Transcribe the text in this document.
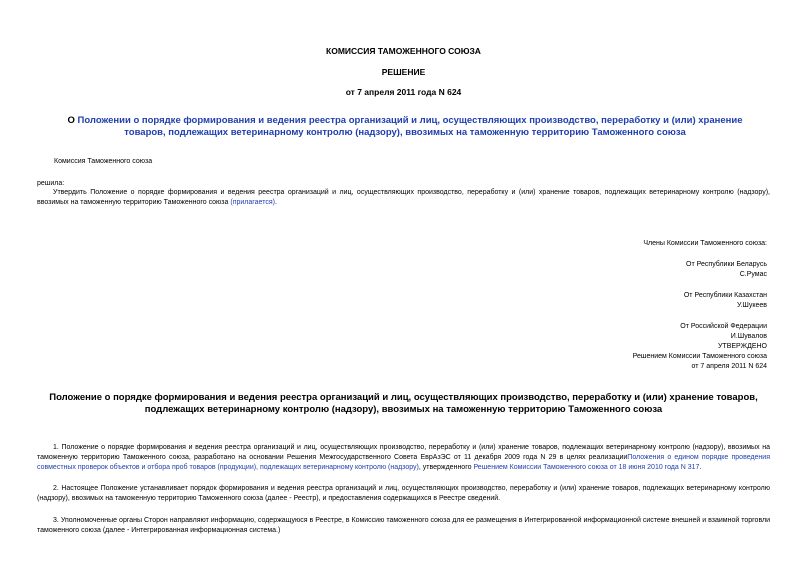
КОМИССИЯ ТАМОЖЕННОГО СОЮЗА
РЕШЕНИЕ
от 7 апреля 2011 года N 624
О Положении о порядке формирования и ведения реестра организаций и лиц, осуществляющих производство, переработку и (или) хранение товаров, подлежащих ветеринарному контролю (надзору), ввозимых на таможенную территорию Таможенного союза
Комиссия Таможенного союза
решила:
Утвердить Положение о порядке формирования и ведения реестра организаций и лиц, осуществляющих производство, переработку и (или) хранение товаров, подлежащих ветеринарному контролю (надзору), ввозимых на таможенную территорию Таможенного союза (прилагается).
Члены Комиссии Таможенного союза:
От Республики Беларусь
С.Румас
От Республики Казахстан
У.Шукеев
От Российской Федерации
И.Шувалов
УТВЕРЖДЕНО
Решением Комиссии Таможенного союза
от 7 апреля 2011 N 624
Положение о порядке формирования и ведения реестра организаций и лиц, осуществляющих производство, переработку и (или) хранение товаров, подлежащих ветеринарному контролю (надзору), ввозимых на таможенную территорию Таможенного союза
1. Положение о порядке формирования и ведения реестра организаций и лиц, осуществляющих производство, переработку и (или) хранение товаров, подлежащих ветеринарному контролю (надзору), ввозимых на таможенную территорию Таможенного союза, разработано на основании Решения Межгосударственного Совета ЕврАзЭС от 11 декабря 2009 года N 29 в целях реализацииПоложения о едином порядке проведения совместных проверок объектов и отбора проб товаров (продукции), подлежащих ветеринарному контролю (надзору), утвержденного Решением Комиссии Таможенного союза от 18 июня 2010 года N 317.
2. Настоящее Положение устанавливает порядок формирования и ведения реестра организаций и лиц, осуществляющих производство, переработку и (или) хранение товаров, подлежащих ветеринарному контролю (надзору), ввозимых на таможенную территорию Таможенного союза (далее - Реестр), и предоставления содержащихся в Реестре сведений.
3. Уполномоченные органы Сторон направляют информацию, содержащуюся в Реестре, в Комиссию таможенного союза для ее размещения в Интегрированной информационной системе внешней и взаимной торговли таможенного союза (далее - Интегрированная информационная система.)
